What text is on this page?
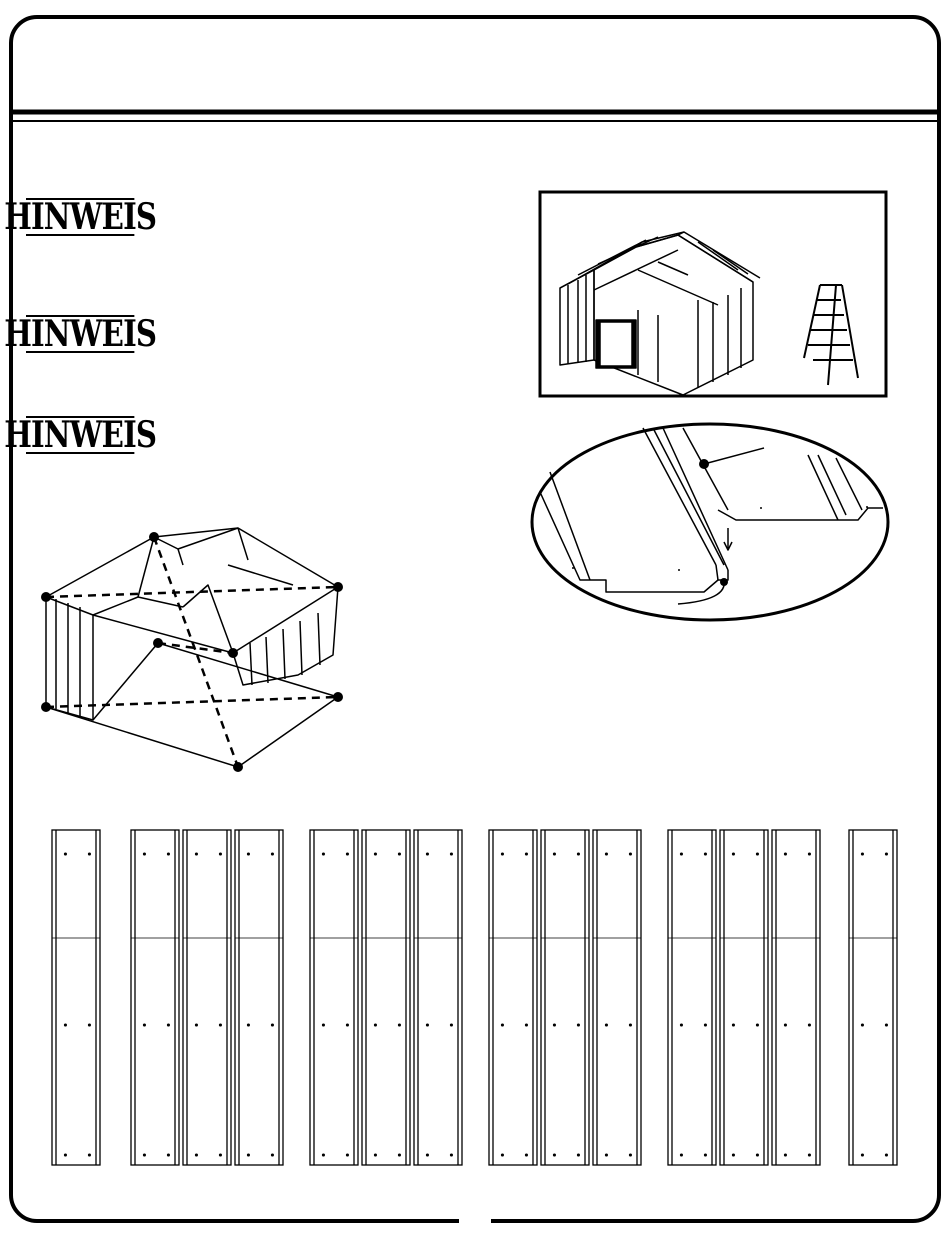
HINWEIS
HINWEIS
HINWEIS
